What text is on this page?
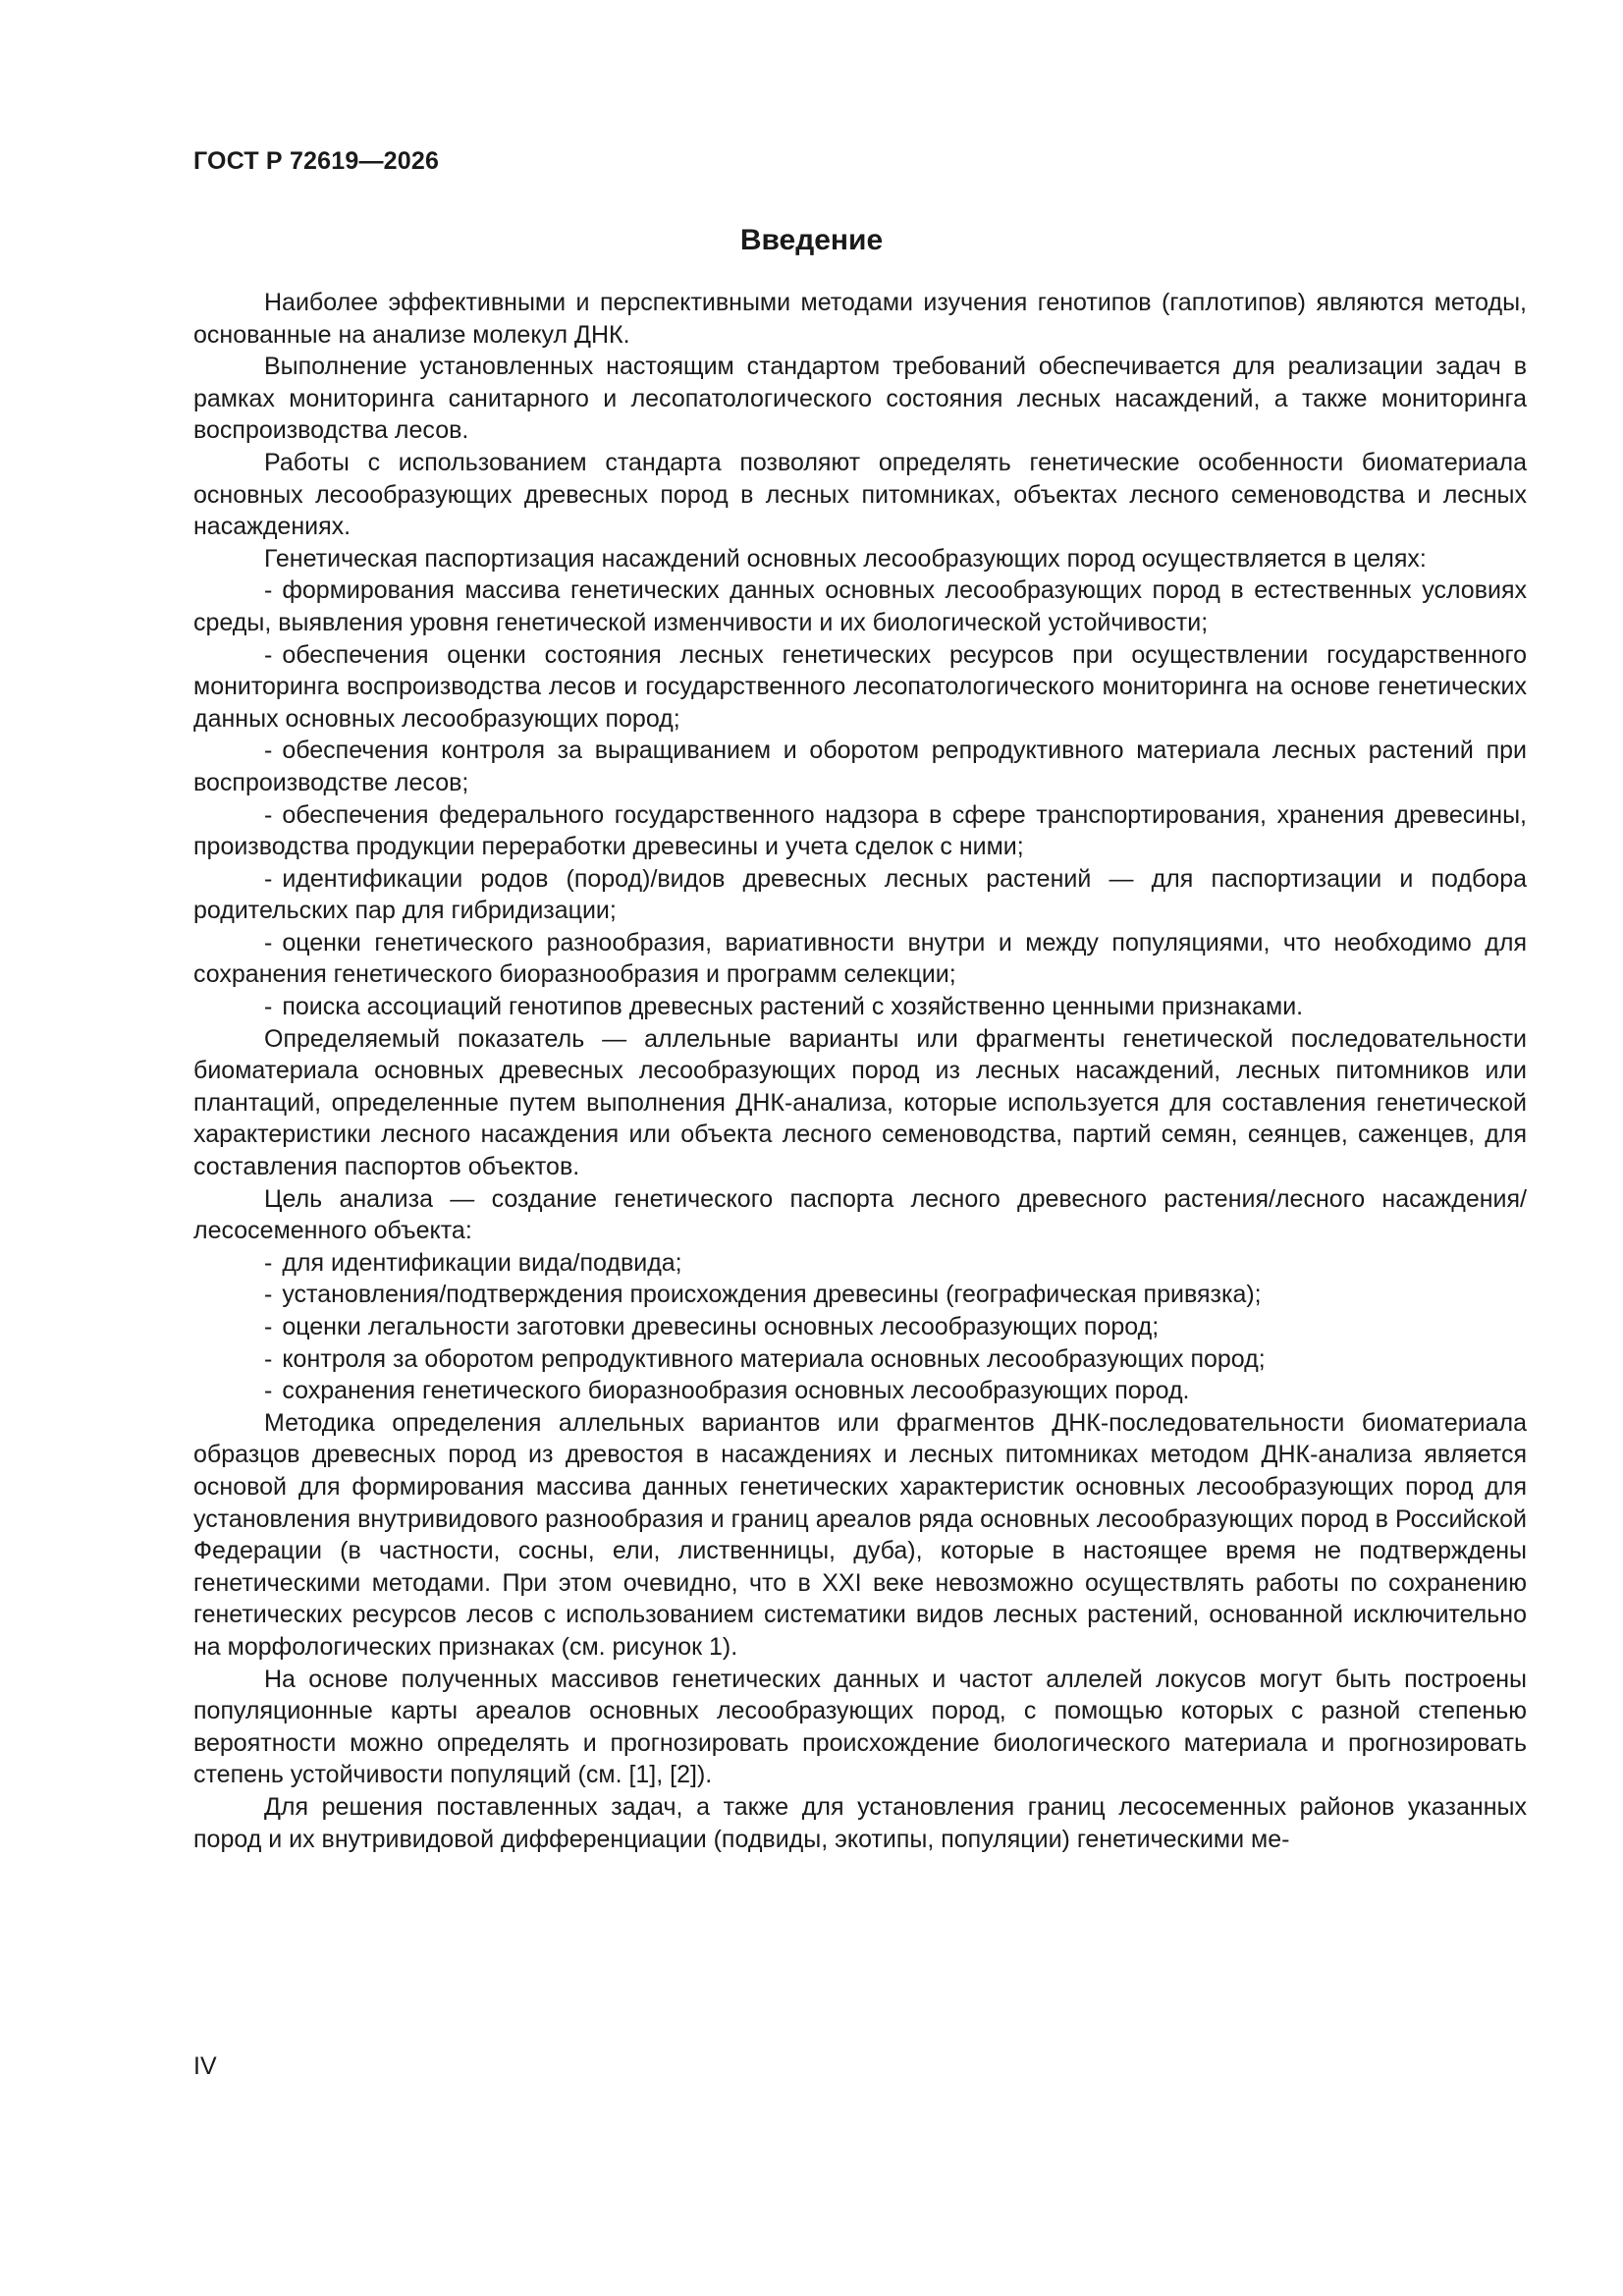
ГОСТ Р 72619—2026
Введение

Наиболее эффективными и перспективными методами изучения генотипов (гаплотипов) являются методы, основанные на анализе молекул ДНК.

Выполнение установленных настоящим стандартом требований обеспечивается для реализации задач в рамках мониторинга санитарного и лесопатологического состояния лесных насаждений, а также мониторинга воспроизводства лесов.

Работы с использованием стандарта позволяют определять генетические особенности биоматериала основных лесообразующих древесных пород в лесных питомниках, объектах лесного семеноводства и лесных насаждениях.

Генетическая паспортизация насаждений основных лесообразующих пород осуществляется в целях:

- формирования массива генетических данных основных лесообразующих пород в естественных условиях среды, выявления уровня генетической изменчивости и их биологической устойчивости;
- обеспечения оценки состояния лесных генетических ресурсов при осуществлении государственного мониторинга воспроизводства лесов и государственного лесопатологического мониторинга на основе генетических данных основных лесообразующих пород;
- обеспечения контроля за выращиванием и оборотом репродуктивного материала лесных растений при воспроизводстве лесов;
- обеспечения федерального государственного надзора в сфере транспортирования, хранения древесины, производства продукции переработки древесины и учета сделок с ними;
- идентификации родов (пород)/видов древесных лесных растений — для паспортизации и подбора родительских пар для гибридизации;
- оценки генетического разнообразия, вариативности внутри и между популяциями, что необходимо для сохранения генетического биоразнообразия и программ селекции;
- поиска ассоциаций генотипов древесных растений с хозяйственно ценными признаками.

Определяемый показатель — аллельные варианты или фрагменты генетической последовательности биоматериала основных древесных лесообразующих пород из лесных насаждений, лесных питомников или плантаций, определенные путем выполнения ДНК-анализа, которые используется для составления генетической характеристики лесного насаждения или объекта лесного семеноводства, партий семян, сеянцев, саженцев, для составления паспортов объектов.

Цель анализа — создание генетического паспорта лесного древесного растения/лесного насаждения/лесосеменного объекта:

- для идентификации вида/подвида;
- установления/подтверждения происхождения древесины (географическая привязка);
- оценки легальности заготовки древесины основных лесообразующих пород;
- контроля за оборотом репродуктивного материала основных лесообразующих пород;
- сохранения генетического биоразнообразия основных лесообразующих пород.

Методика определения аллельных вариантов или фрагментов ДНК-последовательности биоматериала образцов древесных пород из древостоя в насаждениях и лесных питомниках методом ДНК-анализа является основой для формирования массива данных генетических характеристик основных лесообразующих пород для установления внутривидового разнообразия и границ ареалов ряда основных лесообразующих пород в Российской Федерации (в частности, сосны, ели, лиственницы, дуба), которые в настоящее время не подтверждены генетическими методами. При этом очевидно, что в XXI веке невозможно осуществлять работы по сохранению генетических ресурсов лесов с использованием систематики видов лесных растений, основанной исключительно на морфологических признаках (см. рисунок 1).

На основе полученных массивов генетических данных и частот аллелей локусов могут быть построены популяционные карты ареалов основных лесообразующих пород, с помощью которых с разной степенью вероятности можно определять и прогнозировать происхождение биологического материала и прогнозировать степень устойчивости популяций (см. [1], [2]).

Для решения поставленных задач, а также для установления границ лесосеменных районов указанных пород и их внутривидовой дифференциации (подвиды, экотипы, популяции) генетическими ме-

IV
